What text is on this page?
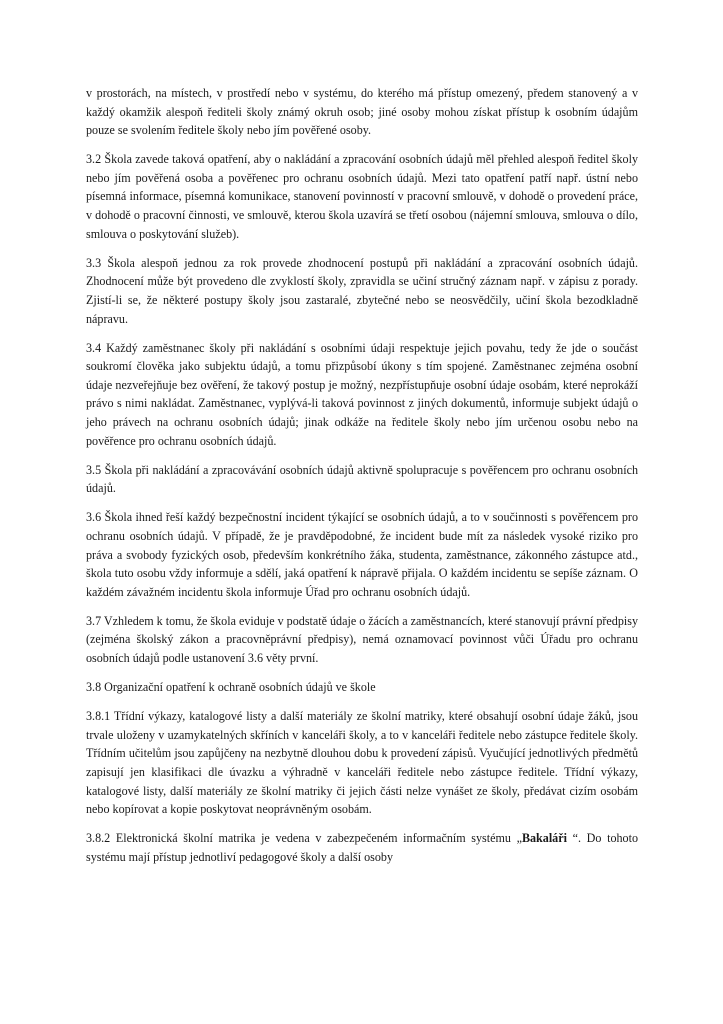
v prostorách, na místech, v prostředí nebo v systému, do kterého má přístup omezený, předem stanovený a v každý okamžik alespoň řediteli školy známý okruh osob; jiné osoby mohou získat přístup k osobním údajům pouze se svolením ředitele školy nebo jím pověřené osoby.

3.2 Škola zavede taková opatření, aby o nakládání a zpracování osobních údajů měl přehled alespoň ředitel školy nebo jím pověřená osoba a pověřenec pro ochranu osobních údajů. Mezi tato opatření patří např. ústní nebo písemná informace, písemná komunikace, stanovení povinností v pracovní smlouvě, v dohodě o provedení práce, v dohodě o pracovní činnosti, ve smlouvě, kterou škola uzavírá se třetí osobou (nájemní smlouva, smlouva o dílo, smlouva o poskytování služeb).

3.3 Škola alespoň jednou za rok provede zhodnocení postupů při nakládání a zpracování osobních údajů. Zhodnocení může být provedeno dle zvyklostí školy, zpravidla se učiní stručný záznam např. v zápisu z porady. Zjistí-li se, že některé postupy školy jsou zastaralé, zbytečné nebo se neosvědčily, učiní škola bezodkladně nápravu.

3.4 Každý zaměstnanec školy při nakládání s osobními údaji respektuje jejich povahu, tedy že jde o součást soukromí člověka jako subjektu údajů, a tomu přizpůsobí úkony s tím spojené. Zaměstnanec zejména osobní údaje nezveřejňuje bez ověření, že takový postup je možný, nezpřístupňuje osobní údaje osobám, které neprokáží právo s nimi nakládat. Zaměstnanec, vyplývá-li taková povinnost z jiných dokumentů, informuje subjekt údajů o jeho právech na ochranu osobních údajů; jinak odkáže na ředitele školy nebo jím určenou osobu nebo na pověřence pro ochranu osobních údajů.

3.5 Škola při nakládání a zpracovávání osobních údajů aktivně spolupracuje s pověřencem pro ochranu osobních údajů.

3.6 Škola ihned řeší každý bezpečnostní incident týkající se osobních údajů, a to v součinnosti s pověřencem pro ochranu osobních údajů. V případě, že je pravděpodobné, že incident bude mít za následek vysoké riziko pro práva a svobody fyzických osob, především konkrétního žáka, studenta, zaměstnance, zákonného zástupce atd., škola tuto osobu vždy informuje a sdělí, jaká opatření k nápravě přijala. O každém incidentu se sepíše záznam. O každém závažném incidentu škola informuje Úřad pro ochranu osobních údajů.

3.7 Vzhledem k tomu, že škola eviduje v podstatě údaje o žácích a zaměstnancích, které stanovují právní předpisy (zejména školský zákon a pracovněprávní předpisy), nemá oznamovací povinnost vůči Úřadu pro ochranu osobních údajů podle ustanovení 3.6 věty první.

3.8 Organizační opatření k ochraně osobních údajů ve škole

3.8.1 Třídní výkazy, katalogové listy a další materiály ze školní matriky, které obsahují osobní údaje žáků, jsou trvale uloženy v uzamykatelných skříních v kanceláři školy, a to v kanceláři ředitele nebo zástupce ředitele školy. Třídním učitelům jsou zapůjčeny na nezbytně dlouhou dobu k provedení zápisů. Vyučující jednotlivých předmětů zapisují jen klasifikaci dle úvazku a výhradně v kanceláři ředitele nebo zástupce ředitele. Třídní výkazy, katalogové listy, další materiály ze školní matriky či jejich části nelze vynášet ze školy, předávat cizím osobám nebo kopírovat a kopie poskytovat neoprávněným osobám.

3.8.2 Elektronická školní matrika je vedena v zabezpečeném informačním systému „Bakaláři “. Do tohoto systému mají přístup jednotliví pedagogové školy a další osoby
